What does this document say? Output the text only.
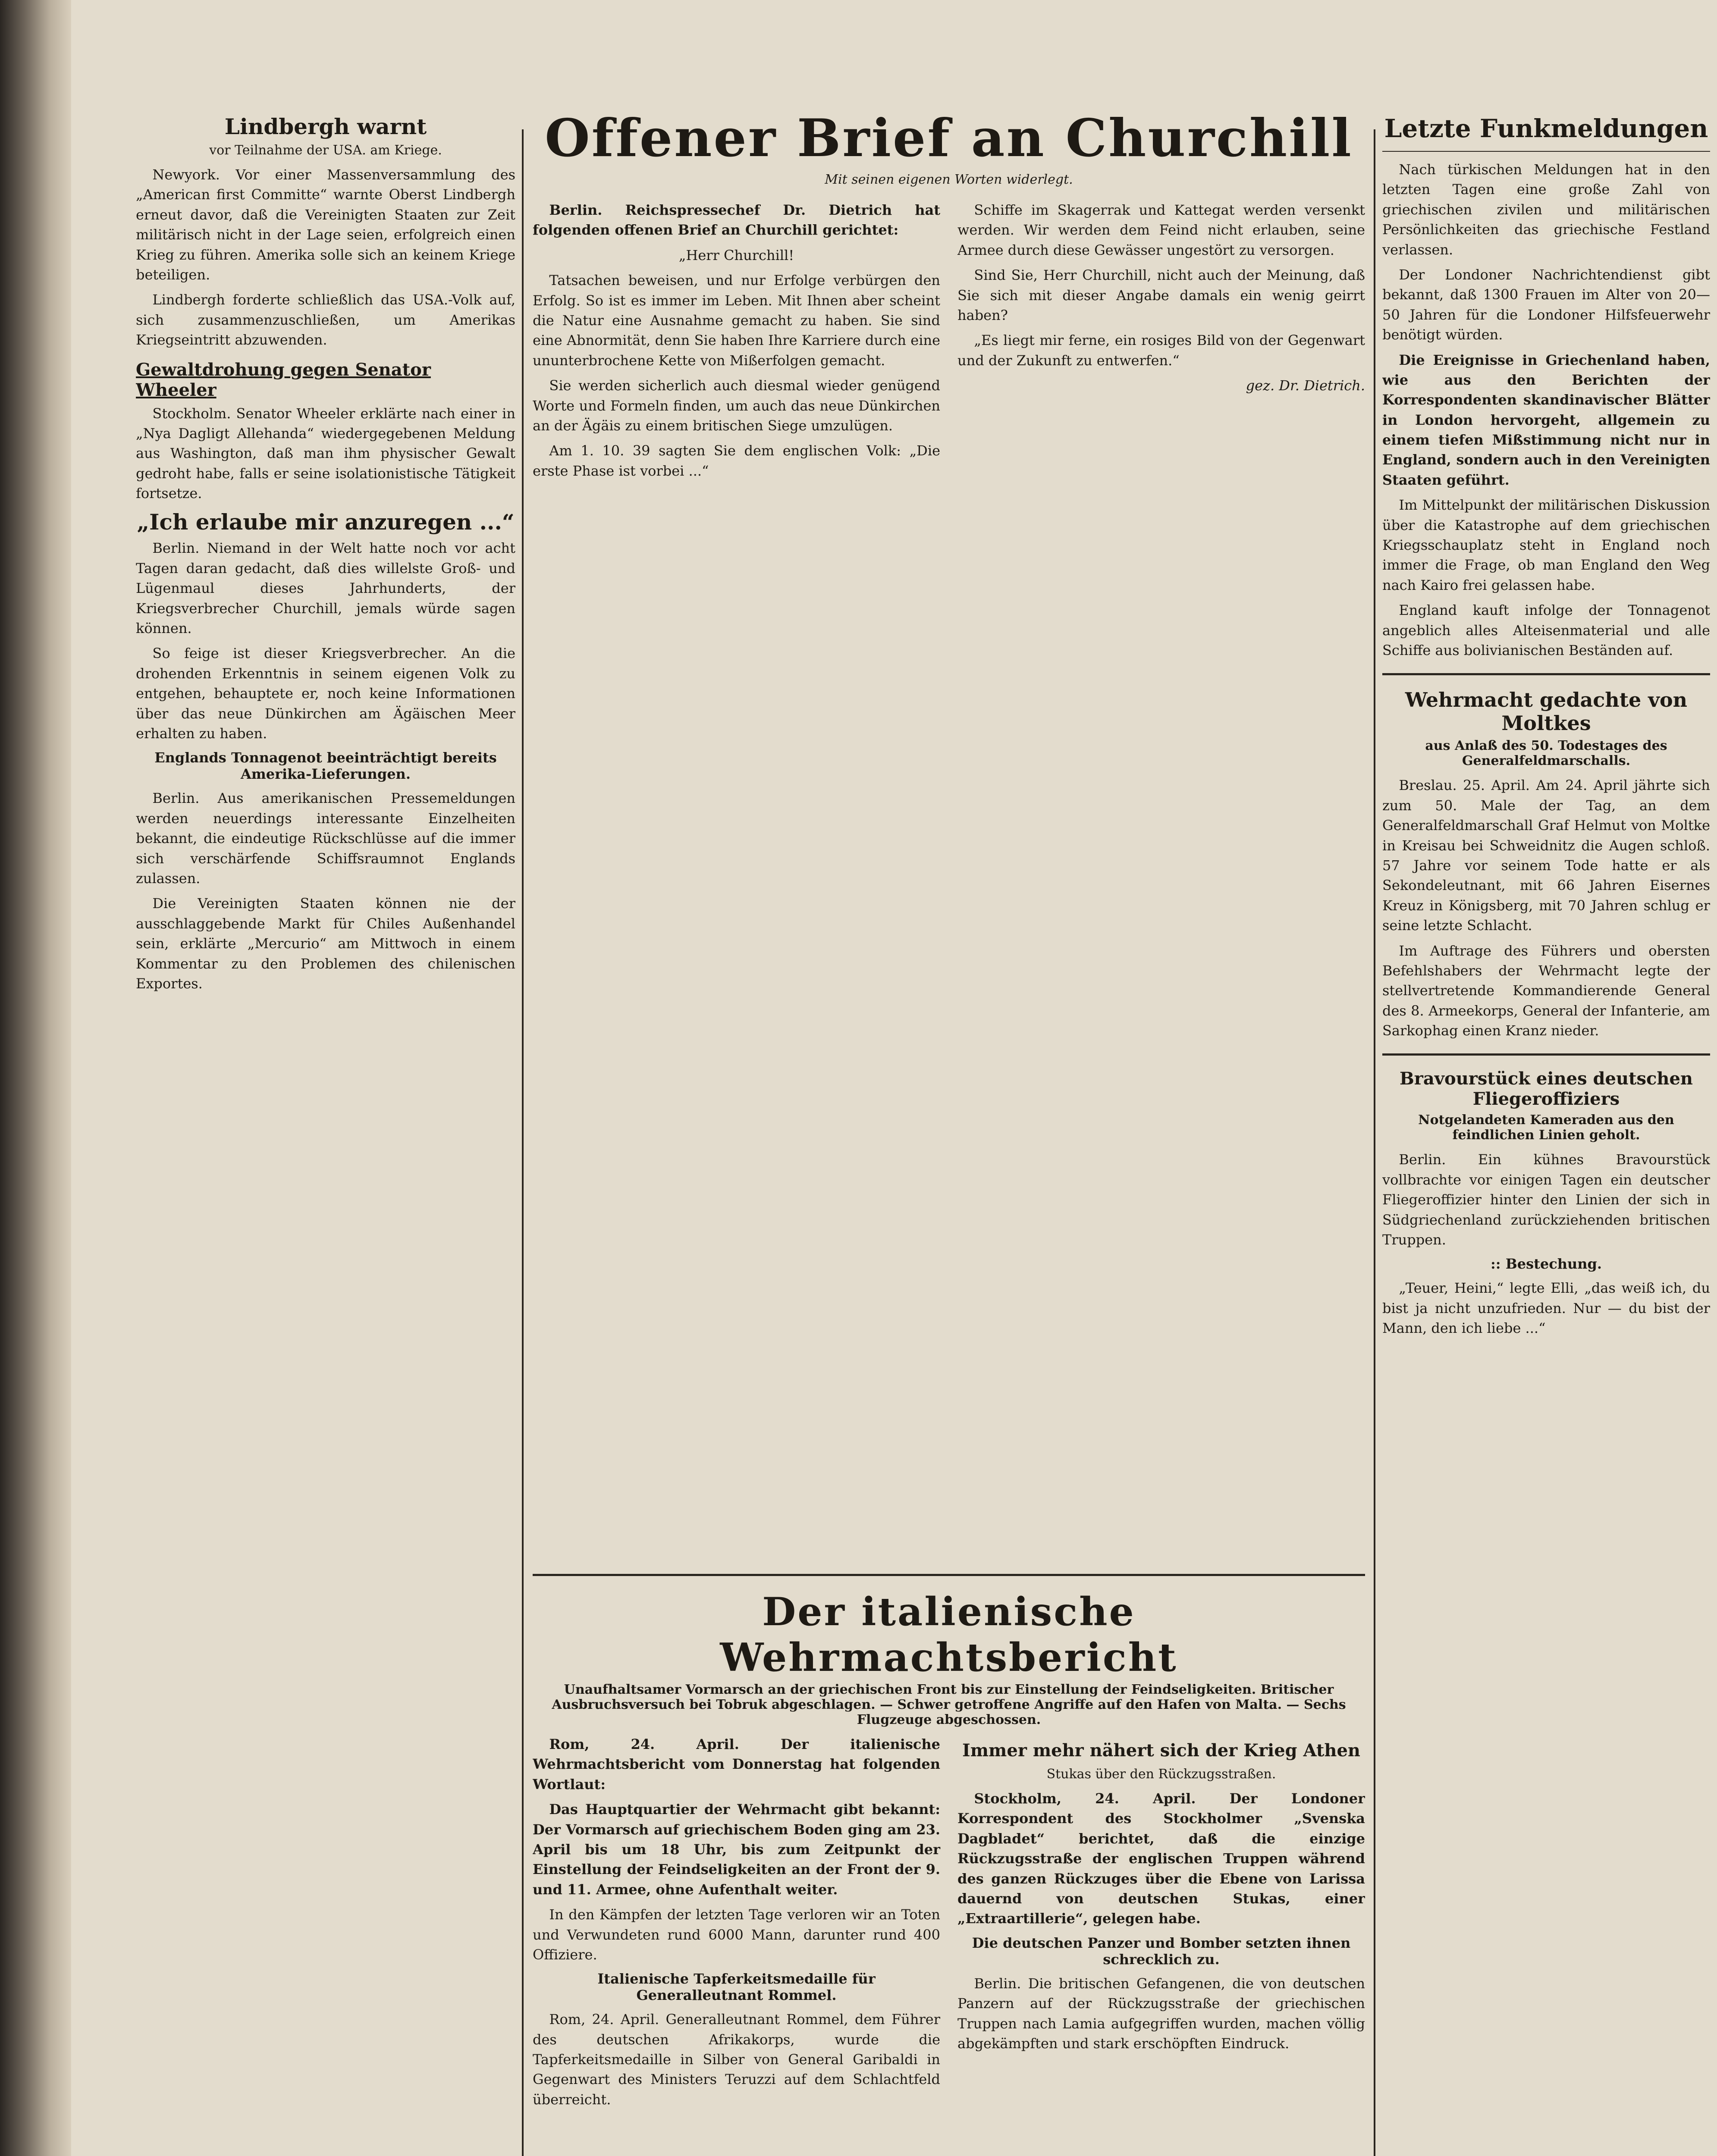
Lindbergh warnt
vor Teilnahme der USA. am Kriege.

Newyork. Vor einer Massenversammlung des „American first Committe“ warnte Oberst Lindbergh erneut davor, daß die Vereinigten Staaten zur Zeit militärisch nicht in der Lage seien, erfolgreich einen Krieg zu führen. Amerika solle sich an keinem Kriege beteiligen.

Lindbergh forderte schließlich das USA.-Volk auf, sich zusammenzuschließen, um Amerikas Kriegseintritt abzuwenden.

Gewaltdrohung gegen Senator Wheeler

Stockholm. Senator Wheeler erklärte nach einer in „Nya Dagligt Allehanda“ wiedergegebenen Meldung aus Washington, daß man ihm physischer Gewalt gedroht habe, falls er seine isolationistische Tätigkeit fortsetze.

„Ich erlaube mir anzuregen ...“

Berlin. Niemand in der Welt hatte noch vor acht Tagen daran gedacht, daß dies willelste Groß- und Lügenmaul dieses Jahrhunderts, der Kriegsverbrecher Churchill, jemals würde sagen können.

So feige ist dieser Kriegsverbrecher. An die drohenden Erkenntnis in seinem eigenen Volk zu entgehen, behauptete er, noch keine Informationen über das neue Dünkirchen am Ägäischen Meer erhalten zu haben.

Englands Tonnagenot beeinträchtigt bereits Amerika-Lieferungen.

Berlin. Aus amerikanischen Pressemeldungen werden neuerdings interessante Einzelheiten bekannt, die eindeutige Rückschlüsse auf die immer sich verschärfende Schiffsraumnot Englands zulassen.

Die Vereinigten Staaten können nie der ausschlaggebende Markt für Chiles Außenhandel sein, erklärte „Mercurio“ am Mittwoch in einem Kommentar zu den Problemen des chilenischen Exportes.

Offener Brief an Churchill
Mit seinen eigenen Worten widerlegt.

Berlin. Reichspressechef Dr. Dietrich hat folgenden offenen Brief an Churchill gerichtet:

„Herr Churchill!

Tatsachen beweisen, und nur Erfolge verbürgen den Erfolg. So ist es immer im Leben. Mit Ihnen aber scheint die Natur eine Ausnahme gemacht zu haben. Sie sind eine Abnormität, denn Sie haben Ihre Karriere durch eine ununterbrochene Kette von Mißerfolgen gemacht.

Sie werden sicherlich auch diesmal wieder genügend Worte und Formeln finden, um auch das neue Dünkirchen an der Ägäis zu einem britischen Siege umzulügen.

Am 1. 10. 39 sagten Sie dem englischen Volk: „Die erste Phase ist vorbei ...“

Schiffe im Skagerrak und Kattegat werden versenkt werden. Wir werden dem Feind nicht erlauben, seine Armee durch diese Gewässer ungestört zu versorgen.

Sind Sie, Herr Churchill, nicht auch der Meinung, daß Sie sich mit dieser Angabe damals ein wenig geirrt haben?

„Es liegt mir ferne, ein rosiges Bild von der Gegenwart und der Zukunft zu entwerfen.“

gez. Dr. Dietrich.

Der italienische Wehrmachtsbericht
Unaufhaltsamer Vormarsch an der griechischen Front bis zur Einstellung der Feindseligkeiten. Britischer Ausbruchsversuch bei Tobruk abgeschlagen. — Schwer getroffene Angriffe auf den Hafen von Malta. — Sechs Flugzeuge abgeschossen.

Rom, 24. April. Der italienische Wehrmachtsbericht vom Donnerstag hat folgenden Wortlaut:

Das Hauptquartier der Wehrmacht gibt bekannt: Der Vormarsch auf griechischem Boden ging am 23. April bis um 18 Uhr, bis zum Zeitpunkt der Einstellung der Feindseligkeiten an der Front der 9. und 11. Armee, ohne Aufenthalt weiter.

In den Kämpfen der letzten Tage verloren wir an Toten und Verwundeten rund 6000 Mann, darunter rund 400 Offiziere.

Italienische Tapferkeitsmedaille für Generalleutnant Rommel.

Rom, 24. April. Generalleutnant Rommel, dem Führer des deutschen Afrikakorps, wurde die Tapferkeitsmedaille in Silber von General Garibaldi in Gegenwart des Ministers Teruzzi auf dem Schlachtfeld überreicht.

Immer mehr nähert sich der Krieg Athen
Stukas über den Rückzugsstraßen.

Stockholm, 24. April. Der Londoner Korrespondent des Stockholmer „Svenska Dagbladet“ berichtet, daß die einzige Rückzugsstraße der englischen Truppen während des ganzen Rückzuges über die Ebene von Larissa dauernd von deutschen Stukas, einer „Extraartillerie“, gelegen habe.

Die deutschen Panzer und Bomber setzten ihnen schrecklich zu.

Berlin. Die britischen Gefangenen, die von deutschen Panzern auf der Rückzugsstraße der griechischen Truppen nach Lamia aufgegriffen wurden, machen völlig abgekämpften und stark erschöpften Eindruck.

Letzte Funkmeldungen

Nach türkischen Meldungen hat in den letzten Tagen eine große Zahl von griechischen zivilen und militärischen Persönlichkeiten das griechische Festland verlassen.

Der Londoner Nachrichtendienst gibt bekannt, daß 1300 Frauen im Alter von 20—50 Jahren für die Londoner Hilfsfeuerwehr benötigt würden.

Die Ereignisse in Griechenland haben, wie aus den Berichten der Korrespondenten skandinavischer Blätter in London hervorgeht, allgemein zu einem tiefen Mißstimmung nicht nur in England, sondern auch in den Vereinigten Staaten geführt.

Im Mittelpunkt der militärischen Diskussion über die Katastrophe auf dem griechischen Kriegsschauplatz steht in England noch immer die Frage, ob man England den Weg nach Kairo frei gelassen habe.

England kauft infolge der Tonnagenot angeblich alles Alteisenmaterial und alle Schiffe aus bolivianischen Beständen auf.

Wehrmacht gedachte von Moltkes
aus Anlaß des 50. Todestages des Generalfeldmarschalls.

Breslau. 25. April. Am 24. April jährte sich zum 50. Male der Tag, an dem Generalfeldmarschall Graf Helmut von Moltke in Kreisau bei Schweidnitz die Augen schloß. 57 Jahre vor seinem Tode hatte er als Sekondeleutnant, mit 66 Jahren Eisernes Kreuz in Königsberg, mit 70 Jahren schlug er seine letzte Schlacht.

Im Auftrage des Führers und obersten Befehlshabers der Wehrmacht legte der stellvertretende Kommandierende General des 8. Armeekorps, General der Infanterie, am Sarkophag einen Kranz nieder.

Bravourstück eines deutschen Fliegeroffiziers
Notgelandeten Kameraden aus den feindlichen Linien geholt.

Berlin. Ein kühnes Bravourstück vollbrachte vor einigen Tagen ein deutscher Fliegeroffizier hinter den Linien der sich in Südgriechenland zurückziehenden britischen Truppen.

:: Bestechung.

„Teuer, Heini,“ legte Elli, „das weiß ich, du bist ja nicht unzufrieden. Nur — du bist der Mann, den ich liebe ...“
